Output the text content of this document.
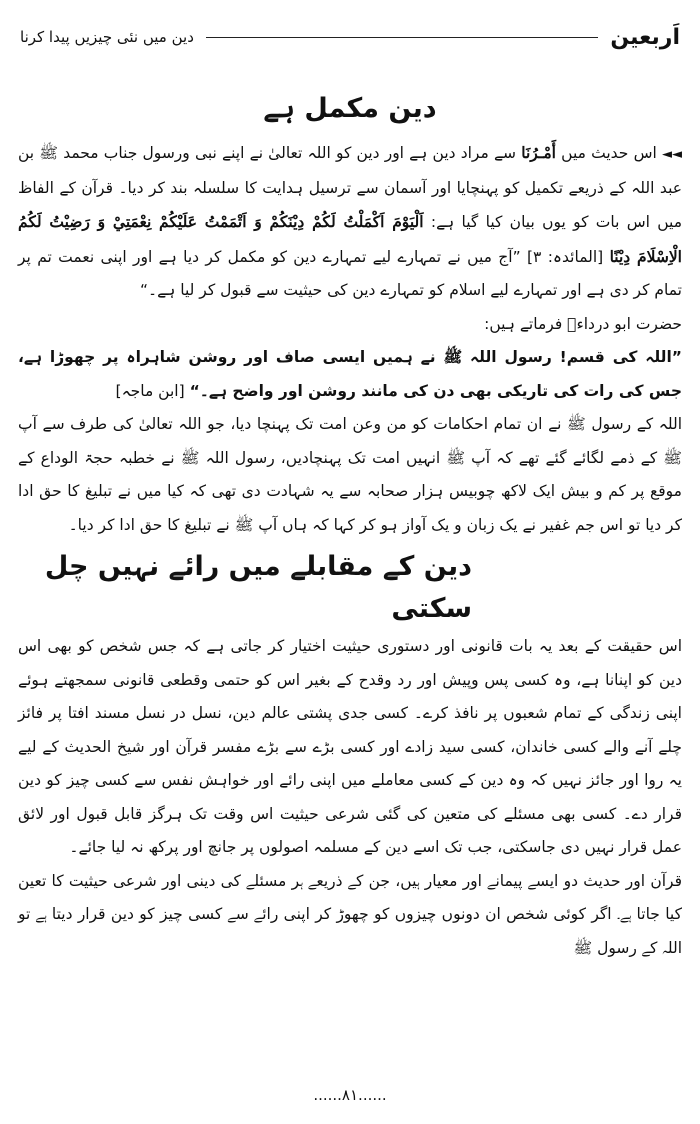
اَربعین
دین میں نئی چیزیں پیدا کرنا
دین مکمل ہے

◄◄ اس حدیث میں أَمْـرُنَا سے مراد دین ہے اور دین کو اللہ تعالیٰ نے اپنے نبی ورسول جناب محمد ﷺ بن عبد اللہ کے ذریعے تکمیل کو پہنچایا اور آسمان سے ترسیل ہدایت کا سلسلہ بند کر دیا۔ قرآن کے الفاظ میں اس بات کو یوں بیان کیا گیا ہے: اَلْيَوْمَ اَكْمَلْتُ لَكُمْ دِيْنَكُمْ وَ اَتْمَمْتُ عَلَيْكُمْ نِعْمَتِيْ وَ رَضِيْتُ لَكُمُ الْاِسْلَامَ دِيْنًا [المائدہ: ۳] ”آج میں نے تمہارے لیے تمہارے دین کو مکمل کر دیا ہے اور اپنی نعمت تم پر تمام کر دی ہے اور تمہارے لیے اسلام کو تمہارے دین کی حیثیت سے قبول کر لیا ہے۔“

حضرت ابو درداءؓ فرماتے ہیں:

”اللہ کی قسم! رسول اللہ ﷺ نے ہمیں ایسی صاف اور روشن شاہراہ پر چھوڑا ہے، جس کی رات کی تاریکی بھی دن کی مانند روشن اور واضح ہے۔“ [ابن ماجہ]

اللہ کے رسول ﷺ نے ان تمام احکامات کو من وعن امت تک پہنچا دیا، جو اللہ تعالیٰ کی طرف سے آپ ﷺ کے ذمے لگائے گئے تھے کہ آپ ﷺ انہیں امت تک پہنچادیں، رسول اللہ ﷺ نے خطبہ حجۃ الوداع کے موقع پر کم و بیش ایک لاکھ چوبیس ہزار صحابہ سے یہ شہادت دی تھی کہ کیا میں نے تبلیغ کا حق ادا کر دیا تو اس جم غفیر نے یک زبان و یک آواز ہو کر کہا کہ ہاں آپ ﷺ نے تبلیغ کا حق ادا کر دیا۔

دین کے مقابلے میں رائے نہیں چل سکتی

اس حقیقت کے بعد یہ بات قانونی اور دستوری حیثیت اختیار کر جاتی ہے کہ جس شخص کو بھی اس دین کو اپنانا ہے، وہ کسی پس وپیش اور رد وقدح کے بغیر اس کو حتمی وقطعی قانونی سمجھتے ہوئے اپنی زندگی کے تمام شعبوں پر نافذ کرے۔ کسی جدی پشتی عالم دین، نسل در نسل مسند افتا پر فائز چلے آنے والے کسی خاندان، کسی سید زادے اور کسی بڑے سے بڑے مفسر قرآن اور شیخ الحدیث کے لیے یہ روا اور جائز نہیں کہ وہ دین کے کسی معاملے میں اپنی رائے اور خواہش نفس سے کسی چیز کو دین قرار دے۔ کسی بھی مسئلے کی متعین کی گئی شرعی حیثیت اس وقت تک ہرگز قابل قبول اور لائق عمل قرار نہیں دی جاسکتی، جب تک اسے دین کے مسلمہ اصولوں پر جانچ اور پرکھ نہ لیا جائے۔

قرآن اور حدیث دو ایسے پیمانے اور معیار ہیں، جن کے ذریعے ہر مسئلے کی دینی اور شرعی حیثیت کا تعین کیا جاتا ہے۔ اگر کوئی شخص ان دونوں چیزوں کو چھوڑ کر اپنی رائے سے کسی چیز کو دین قرار دیتا ہے تو اللہ کے رسول ﷺ

......۸۱......
